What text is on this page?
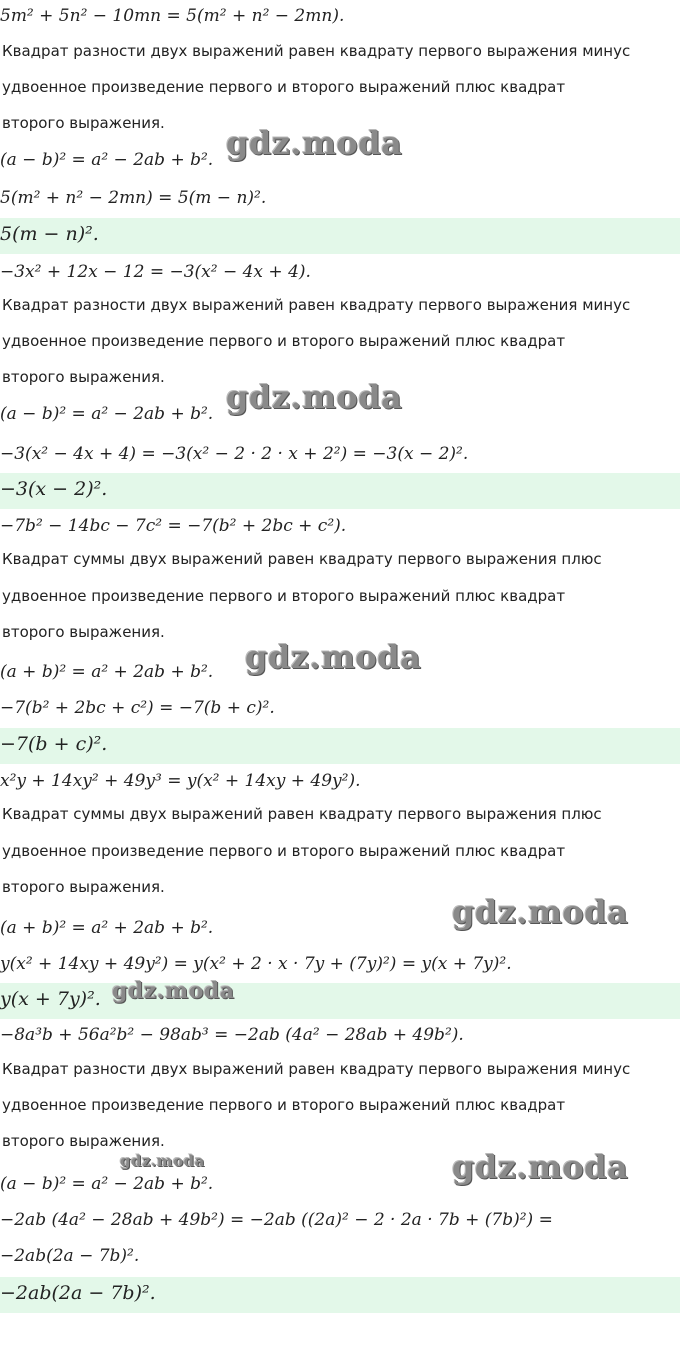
5m² + 5n² − 10mn = 5(m² + n² − 2mn).
Квадрат разности двух выражений равен квадрату первого выражения минус
удвоенное произведение первого и второго выражений плюс квадрат
второго выражения.
(a − b)² = a² − 2ab + b². gdz.moda
5(m² + n² − 2mn) = 5(m − n)².
5(m − n)².
−3x² + 12x − 12 = −3(x² − 4x + 4).
Квадрат разности двух выражений равен квадрату первого выражения минус
удвоенное произведение первого и второго выражений плюс квадрат
второго выражения.
(a − b)² = a² − 2ab + b². gdz.moda
−3(x² − 4x + 4) = −3(x² − 2 · 2 · x + 2²) = −3(x − 2)².
−3(x − 2)².
−7b² − 14bc − 7c² = −7(b² + 2bc + c²).
Квадрат суммы двух выражений равен квадрату первого выражения плюс
удвоенное произведение первого и второго выражений плюс квадрат
второго выражения.
(a + b)² = a² + 2ab + b². gdz.moda
−7(b² + 2bc + c²) = −7(b + c)².
−7(b + c)².
x²y + 14xy² + 49y³ = y(x² + 14xy + 49y²).
Квадрат суммы двух выражений равен квадрату первого выражения плюс
удвоенное произведение первого и второго выражений плюс квадрат
второго выражения.
(a + b)² = a² + 2ab + b².	gdz.moda
y(x² + 14xy + 49y²) = y(x² + 2 · x · 7y + (7y)²) = y(x + 7y)².
y(x + 7y)². gdz.moda
−8a³b + 56a²b² − 98ab³ = −2ab (4a² − 28ab + 49b²).
Квадрат разности двух выражений равен квадрату первого выражения минус
удвоенное произведение первого и второго выражений плюс квадрат
второго выражения.
gdz.moda
(a − b)² = a² − 2ab + b².	gdz.moda
−2ab (4a² − 28ab + 49b²) = −2ab ((2a)² − 2 · 2a · 7b + (7b)²) =
−2ab(2a − 7b)².
−2ab(2a − 7b)².
